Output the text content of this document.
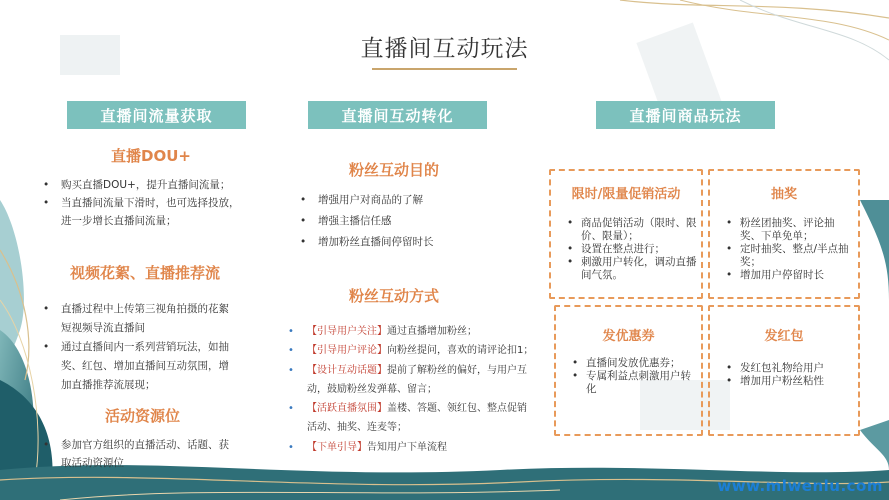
直播间互动玩法
直播间流量获取
直播DOU+
• 购买直播DOU+，提升直播间流量；
• 当直播间流量下滑时，也可选择投放，
进一步增长直播间流量；
视频花絮、直播推荐流
• 直播过程中上传第三视角拍摄的花絮
短视频导流直播间
• 通过直播间内一系列营销玩法，如抽
奖、红包、增加直播间互动氛围，增
加直播推荐流展现；
活动资源位
• 参加官方组织的直播活动、话题、获
取活动资源位
直播间互动转化
粉丝互动目的
• 增强用户对商品的了解
• 增强主播信任感
• 增加粉丝直播间停留时长
粉丝互动方式
• 【引导用户关注】通过直播增加粉丝；
• 【引导用户评论】向粉丝提问，喜欢的请评论扣1；
• 【设计互动话题】提前了解粉丝的偏好，与用户互
动，鼓励粉丝发弹幕、留言；
• 【活跃直播氛围】盖楼、答题、领红包、整点促销
活动、抽奖、连麦等；
• 【下单引导】告知用户下单流程
直播间商品玩法
限时/限量促销活动
• 商品促销活动（限时、限价、限量）；
• 设置在整点进行；
• 刺激用户转化，调动直播间气氛。
抽奖
• 粉丝团抽奖、评论抽奖、下单免单；
• 定时抽奖、整点/半点抽奖；
• 增加用户停留时长
发优惠券
• 直播间发放优惠券；
• 专属利益点刺激用户转化
发红包
• 发红包礼物给用户
• 增加用户粉丝粘性
www.mlwenlu.com
